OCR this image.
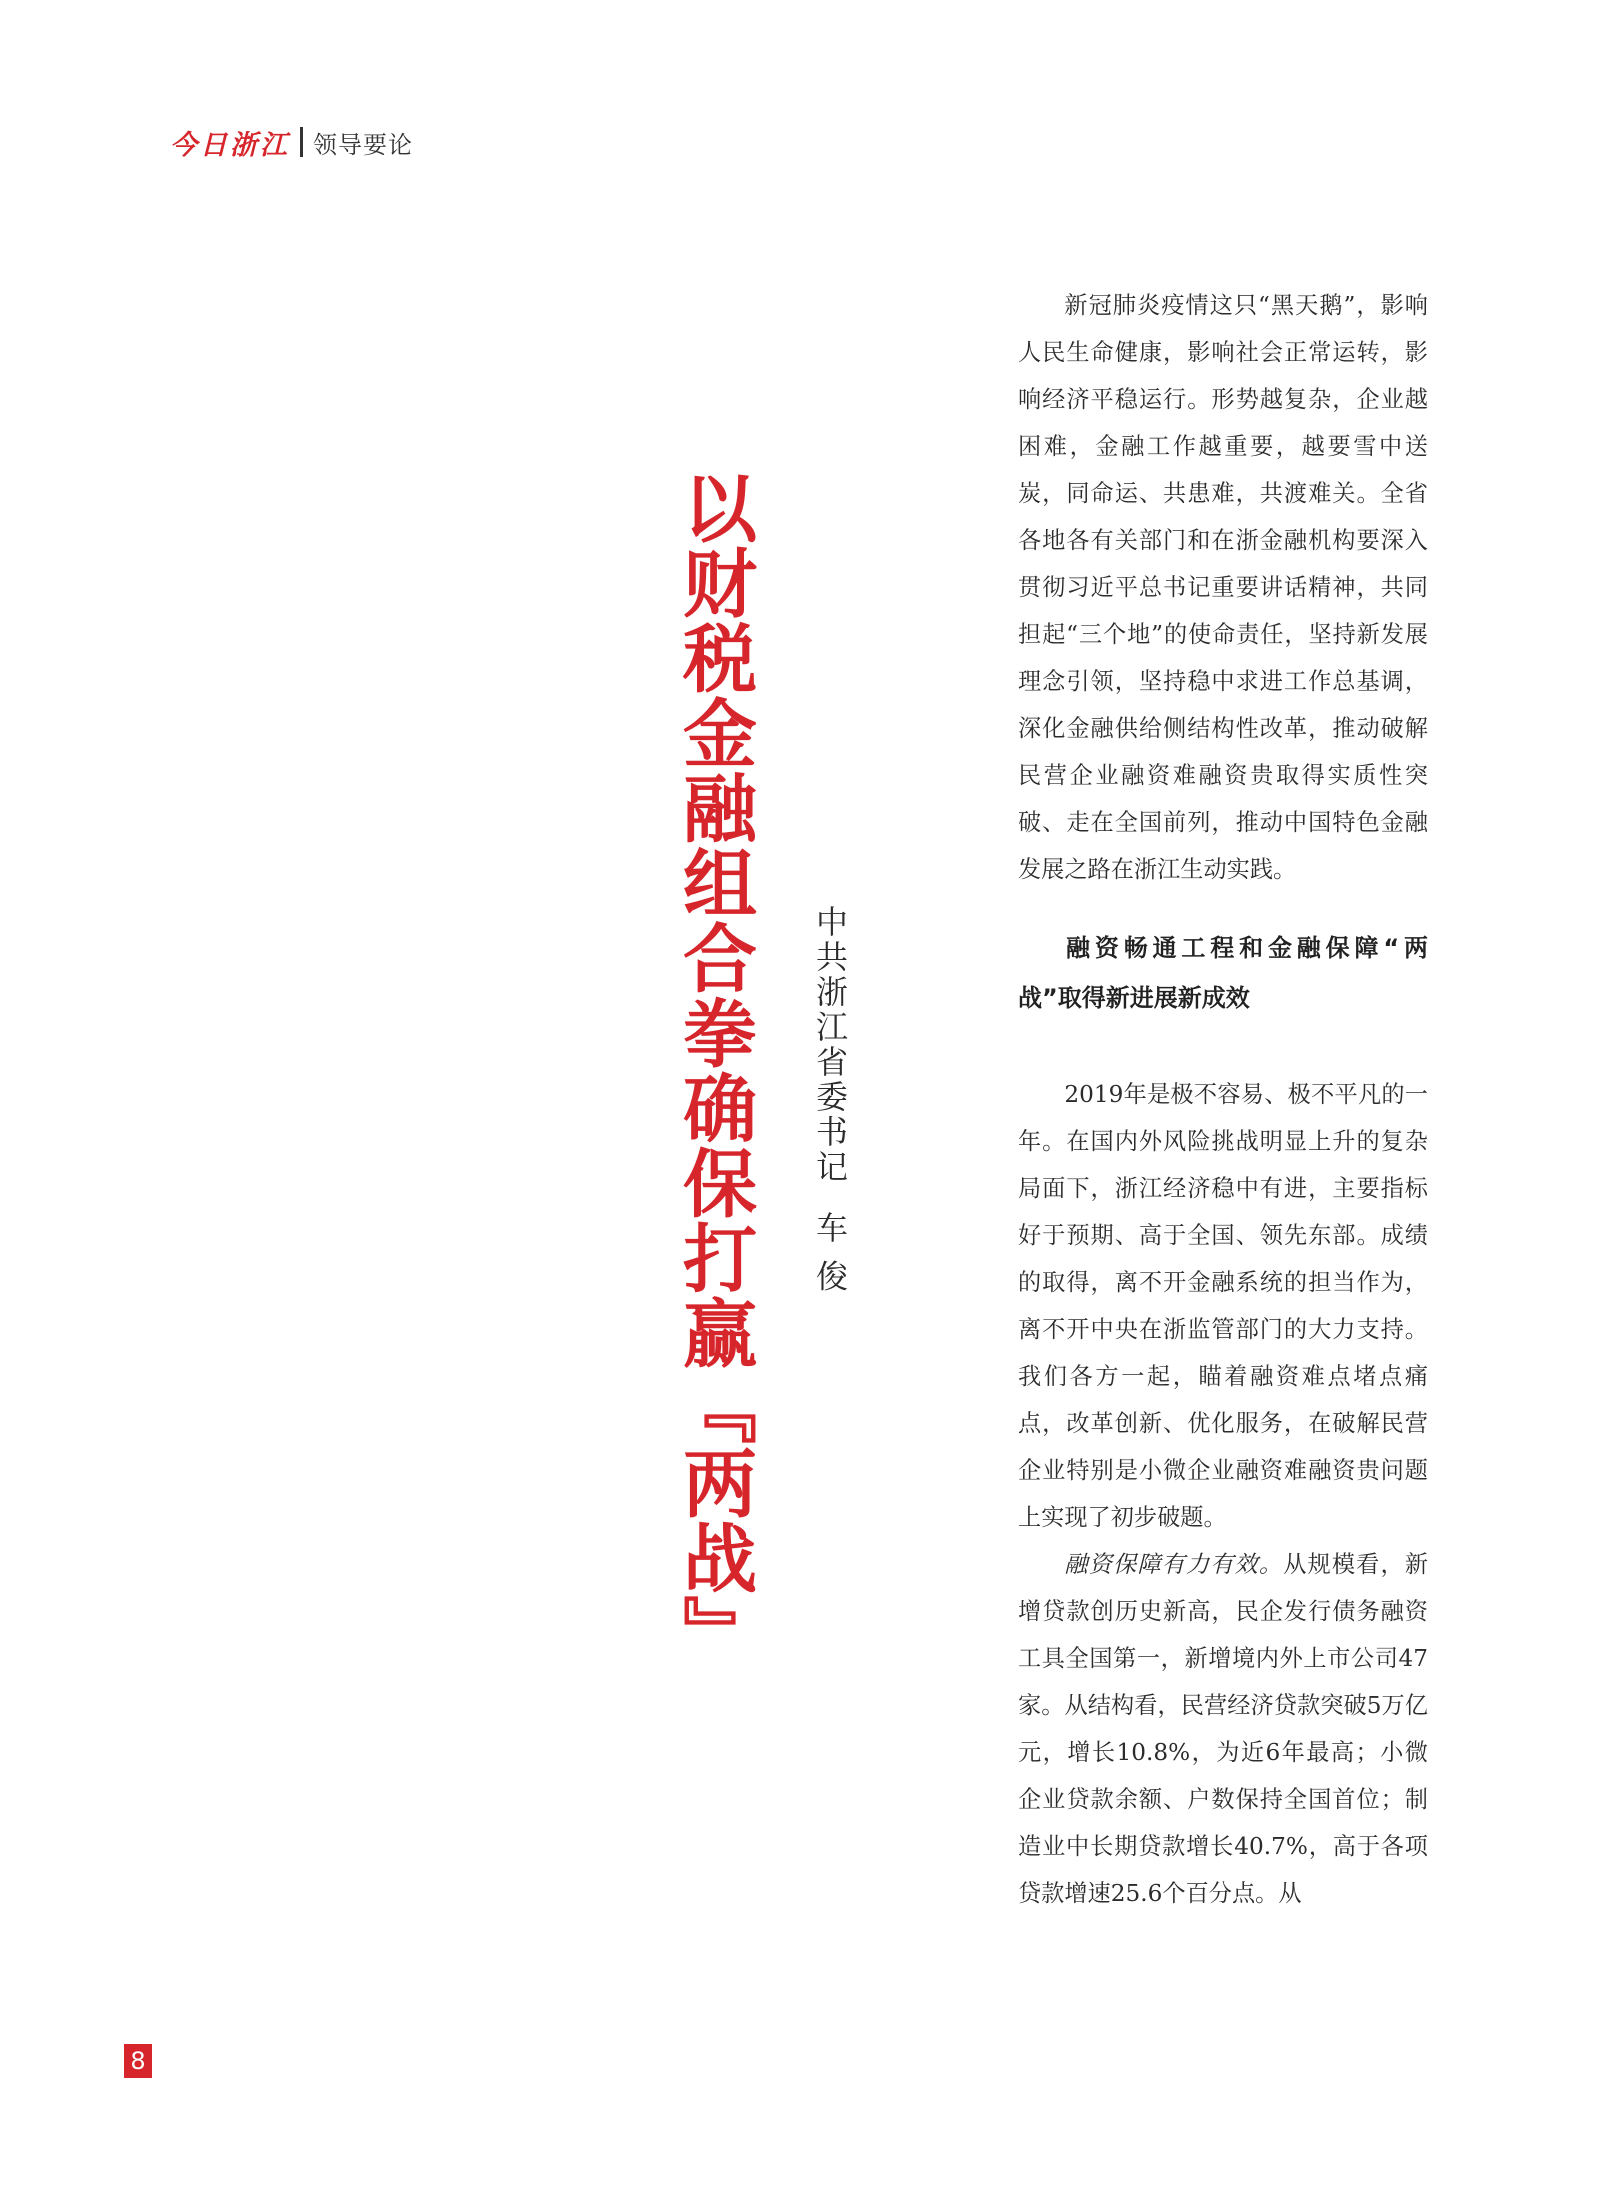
今日浙江 领导要论
以财税金融组合拳确保打赢『两战』 中共浙江省委书记车 俊

新冠肺炎疫情这只“黑天鹅”，影响人民生命健康，影响社会正常运转，影响经济平稳运行。形势越复杂，企业越困难，金融工作越重要，越要雪中送炭，同命运、共患难，共渡难关。全省各地各有关部门和在浙金融机构要深入贯彻习近平总书记重要讲话精神，共同担起“三个地”的使命责任，坚持新发展理念引领，坚持稳中求进工作总基调，深化金融供给侧结构性改革，推动破解民营企业融资难融资贵取得实质性突破、走在全国前列，推动中国特色金融发展之路在浙江生动实践。

融资畅通工程和金融保障“两战”取得新进展新成效

2019年是极不容易、极不平凡的一年。在国内外风险挑战明显上升的复杂局面下，浙江经济稳中有进，主要指标好于预期、高于全国、领先东部。成绩的取得，离不开金融系统的担当作为，离不开中央在浙监管部门的大力支持。我们各方一起，瞄着融资难点堵点痛点，改革创新、优化服务，在破解民营企业特别是小微企业融资难融资贵问题上实现了初步破题。

融资保障有力有效。从规模看，新增贷款创历史新高，民企发行债务融资工具全国第一，新增境内外上市公司47家。从结构看，民营经济贷款突破5万亿元，增长10.8%，为近6年最高；小微企业贷款余额、户数保持全国首位；制造业中长期贷款增长40.7%，高于各项贷款增速25.6个百分点。从

8
